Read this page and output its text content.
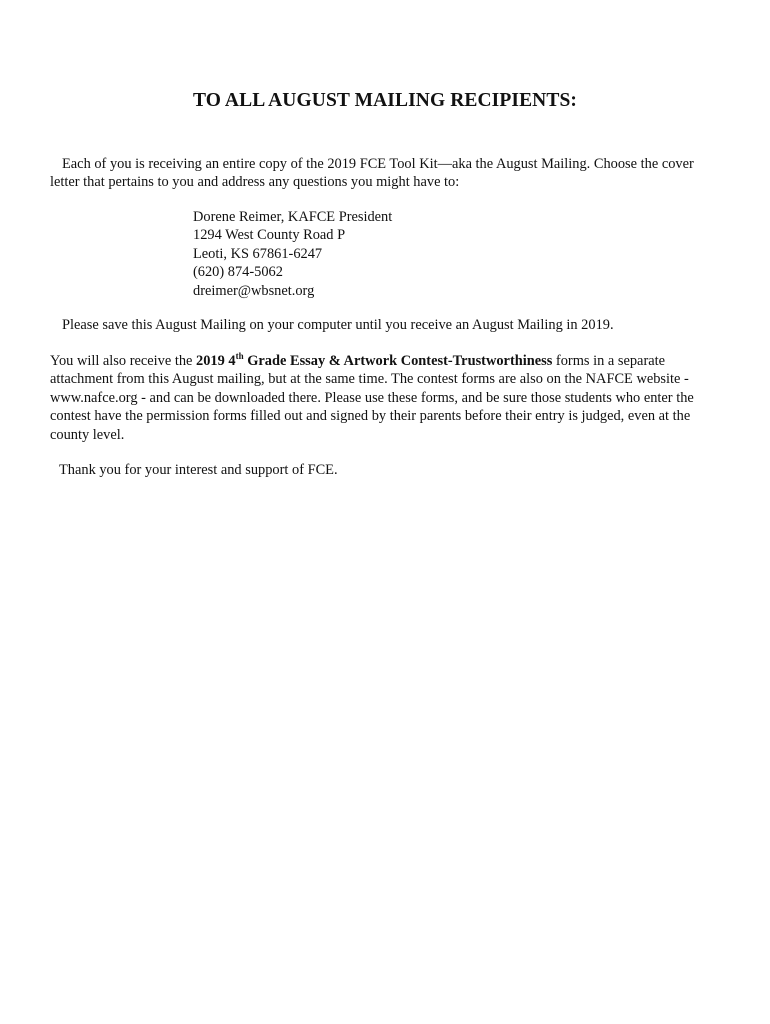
TO ALL AUGUST MAILING RECIPIENTS:
Each of you is receiving an entire copy of the 2019 FCE Tool Kit—aka the August Mailing. Choose the cover
letter that pertains to you and address any questions you might have to:
Dorene Reimer, KAFCE President
1294 West County Road P
Leoti, KS 67861-6247
(620) 874-5062
dreimer@wbsnet.org
Please save this August Mailing on your computer until you receive an August Mailing in 2019.
You will also receive the 2019 4th Grade Essay & Artwork Contest-Trustworthiness forms in a separate
attachment from this August mailing, but at the same time. The contest forms are also on the NAFCE website -
www.nafce.org - and can be downloaded there. Please use these forms, and be sure those students who enter the
contest have the permission forms filled out and signed by their parents before their entry is judged, even at the
county level.
Thank you for your interest and support of FCE.
